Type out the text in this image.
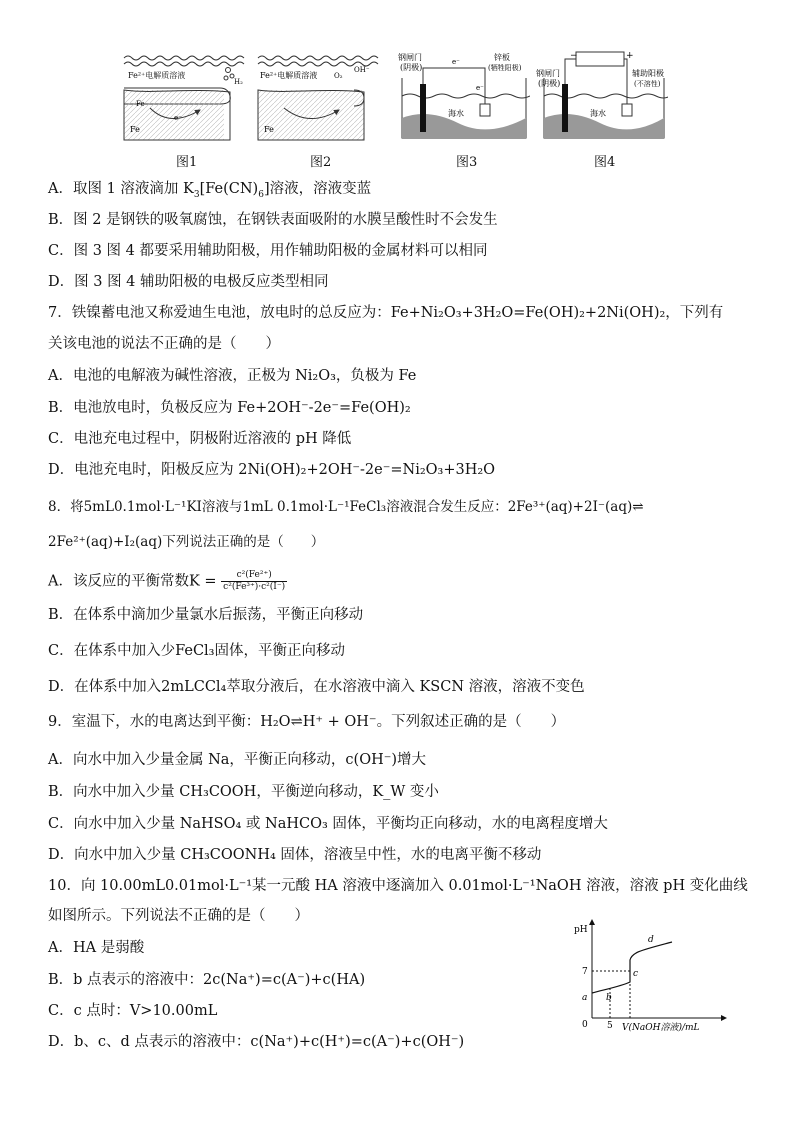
Fe²⁺电解质溶液
H₂
Fe
Fe
e⁻
图1
Fe²⁺电解质溶液 O₂
OH⁻
Fe
图2
钢闸门
(阴极)
锌板
(牺牲阳极)
海水
e⁻
e⁻
图3
−	+
钢闸门
(阴极)
辅助阳极
(不溶性)
海水
图4
A．取图 1 溶液滴加 $K_3[Fe(CN)_6]$溶液，溶液变蓝
B．图 2 是钢铁的吸氧腐蚀，在钢铁表面吸附的水膜呈酸性时不会发生
C．图 3 图 4 都要采用辅助阳极，用作辅助阳极的金属材料可以相同
D．图 3 图 4 辅助阳极的电极反应类型相同
7．铁镍蓄电池又称爱迪生电池，放电时的总反应为：Fe+Ni₂O₃+3H₂O=Fe(OH)₂+2Ni(OH)₂，下列有
关该电池的说法不正确的是（　　）
A．电池的电解液为碱性溶液，正极为 Ni₂O₃，负极为 Fe
B．电池放电时，负极反应为 Fe+2OH⁻-2e⁻=Fe(OH)₂
C．电池充电过程中，阴极附近溶液的 pH 降低
D．电池充电时，阳极反应为 2Ni(OH)₂+2OH⁻-2e⁻=Ni₂O₃+3H₂O
8．将5mL0.1mol·L⁻¹KI溶液与1mL 0.1mol·L⁻¹FeCl₃溶液混合发生反应：2Fe³⁺(aq)+2I⁻(aq)⇌
2Fe²⁺(aq)+I₂(aq)下列说法正确的是（　　）
A．该反应的平衡常数$K = \frac{\text{c²(Fe²⁺)}}{\text{c²(Fe³⁺)·c²(I⁻)}}$
B．在体系中滴加少量氯水后振荡，平衡正向移动
C．在体系中加入少FeCl₃固体，平衡正向移动
D．在体系中加入2mLCCl₄萃取分液后，在水溶液中滴入 KSCN 溶液，溶液不变色
9．室温下，水的电离达到平衡：H₂O⇌H⁺ + OH⁻。下列叙述正确的是（　　）
A．向水中加入少量金属 Na，平衡正向移动，c(OH⁻)增大
B．向水中加入少量 CH₃COOH，平衡逆向移动，K_W 变小
C．向水中加入少量 NaHSO₄ 或 NaHCO₃ 固体，平衡均正向移动，水的电离程度增大
D．向水中加入少量 CH₃COONH₄ 固体，溶液呈中性，水的电离平衡不移动
10．向 10.00mL0.01mol·L⁻¹某一元酸 HA 溶液中逐滴加入 0.01mol·L⁻¹NaOH 溶液，溶液 pH 变化曲线
如图所示。下列说法不正确的是（　　）
A．HA 是弱酸
B．b 点表示的溶液中：2c(Na⁺)=c(A⁻)+c(HA)
C．c 点时：V>10.00mL
D．b、c、d 点表示的溶液中：c(Na⁺)+c(H⁺)=c(A⁻)+c(OH⁻)
pH
V(NaOH溶液)/mL
0
7
5
a b
c
d
